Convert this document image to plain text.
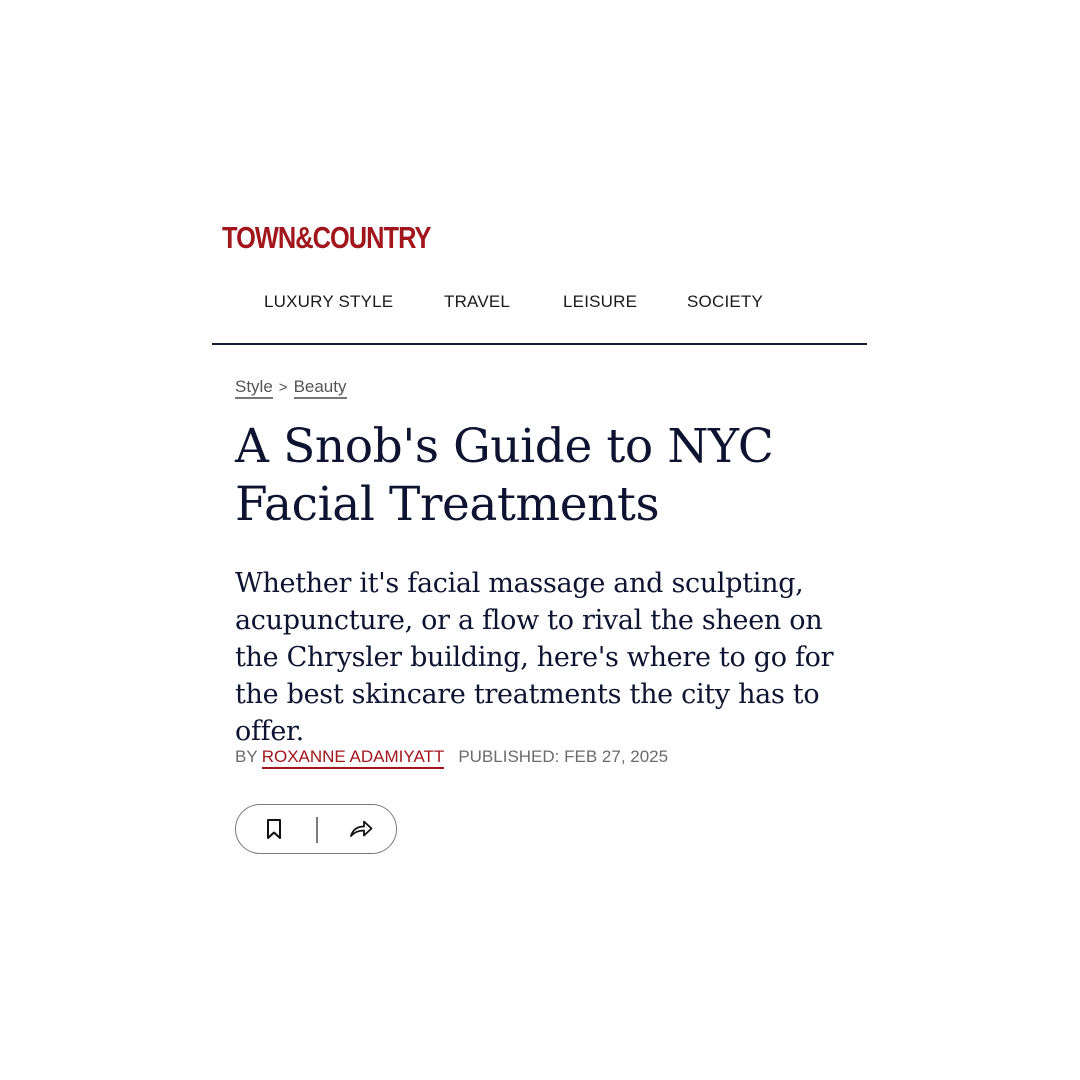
TOWN&COUNTRY
LUXURY STYLE	TRAVEL	LEISURE	SOCIETY
Style > Beauty
A Snob's Guide to NYC Facial Treatments

Whether it's facial massage and sculpting, acupuncture, or a flow to rival the sheen on the Chrysler building, here's where to go for the best skincare treatments the city has to offer.

BY ROXANNE ADAMIYATT PUBLISHED: FEB 27, 2025
